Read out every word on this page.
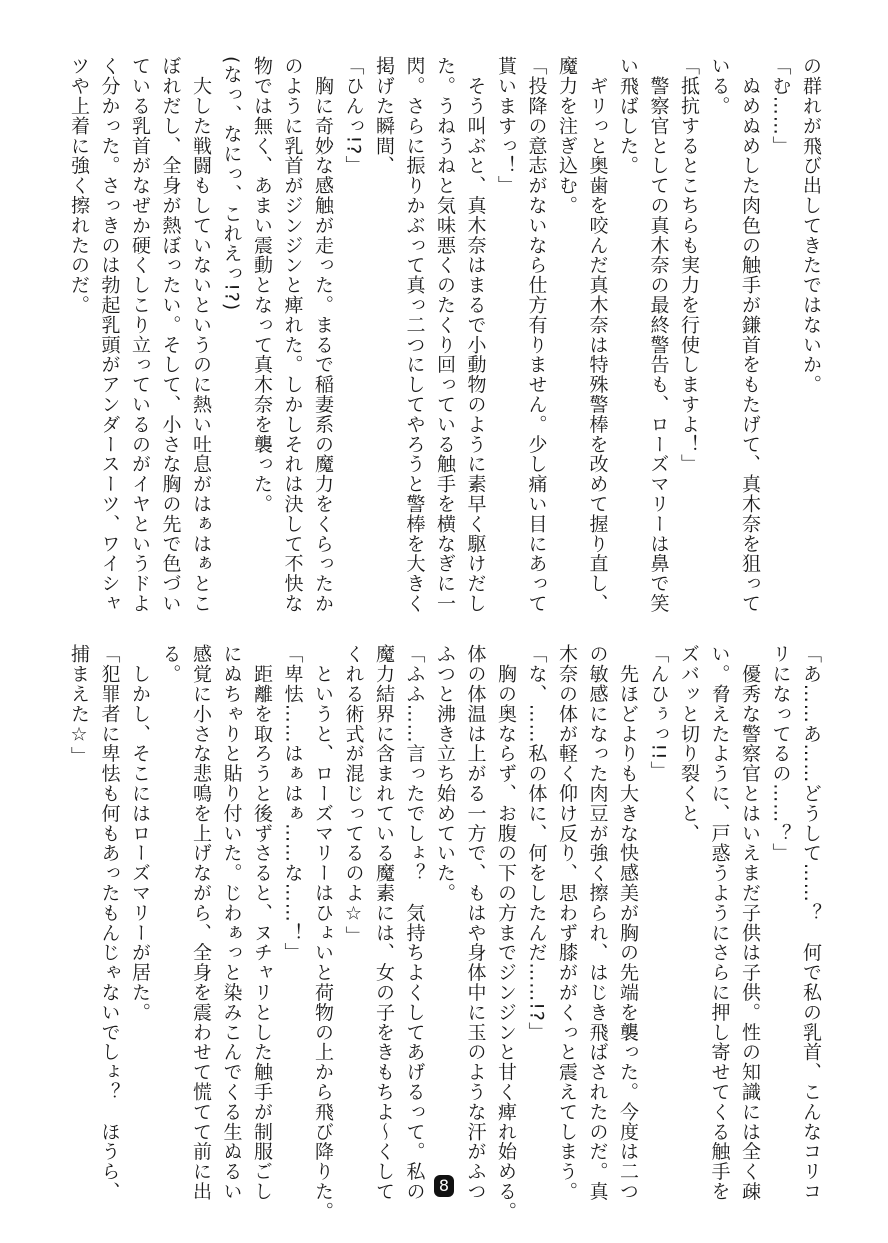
の群れが飛び出してきたではないか。
「む……」
　ぬめぬめした肉色の触手が鎌首をもたげて、真木奈を狙って
いる。
「抵抗するとこちらも実力を行使しますよ！」
　警察官としての真木奈の最終警告も、ローズマリーは鼻で笑
い飛ばした。
　ギリっと奥歯を咬んだ真木奈は特殊警棒を改めて握り直し、
魔力を注ぎ込む。
「投降の意志がないなら仕方有りません。少し痛い目にあって
貰いますっ！」
　そう叫ぶと、真木奈はまるで小動物のように素早く駆けだし
た。うねうねと気味悪くのたくり回っている触手を横なぎに一
閃。さらに振りかぶって真っ二つにしてやろうと警棒を大きく
掲げた瞬間、
「ひんっ!?」
　胸に奇妙な感触が走った。まるで稲妻系の魔力をくらったか
のように乳首がジンジンと痺れた。しかしそれは決して不快な
物では無く、あまい震動となって真木奈を襲った。
(なっ、なにっ、これえっ!?)
　大した戦闘もしていないというのに熱い吐息がはぁはぁとこ
ぼれだし、全身が熱ぼったい。そして、小さな胸の先で色づい
ている乳首がなぜか硬くしこり立っているのがイヤというドよ
く分かった。さっきのは勃起乳頭がアンダースーツ、ワイシャ
ツや上着に強く擦れたのだ。
「あ……あ……どうして……？　何で私の乳首、こんなコリコ
リになってるの……？」
　優秀な警察官とはいえまだ子供は子供。性の知識には全く疎
い。脅えたように、戸惑うようにさらに押し寄せてくる触手を
ズバッと切り裂くと、
「んひぅっ!!」
　先ほどよりも大きな快感美が胸の先端を襲った。今度は二つ
の敏感になった肉豆が強く擦られ、はじき飛ばされたのだ。真
木奈の体が軽く仰け反り、思わず膝ががくっと震えてしまう。
「な、……私の体に、何をしたんだ……!?」
　胸の奥ならず、お腹の下の方までジンジンと甘く痺れ始める。
体の体温は上がる一方で、もはや身体中に玉のような汗がふつ
ふつと沸き立ち始めていた。
「ふふ……言ったでしょ？　気持ちよくしてあげるって。私の
魔力結界に含まれている魔素には、女の子をきもちよ～くして
くれる術式が混じってるのよ☆」
　というと、ローズマリーはひょいと荷物の上から飛び降りた。
「卑怯……はぁはぁ……な……！」
　距離を取ろうと後ずさると、ヌチャリとした触手が制服ごし
にぬちゃりと貼り付いた。じわぁっと染みこんでくる生ぬるい
感覚に小さな悲鳴を上げながら、全身を震わせて慌てて前に出
る。
　しかし、そこにはローズマリーが居た。
「犯罪者に卑怯も何もあったもんじゃないでしょ？　ほうら、
捕まえた☆」
8
